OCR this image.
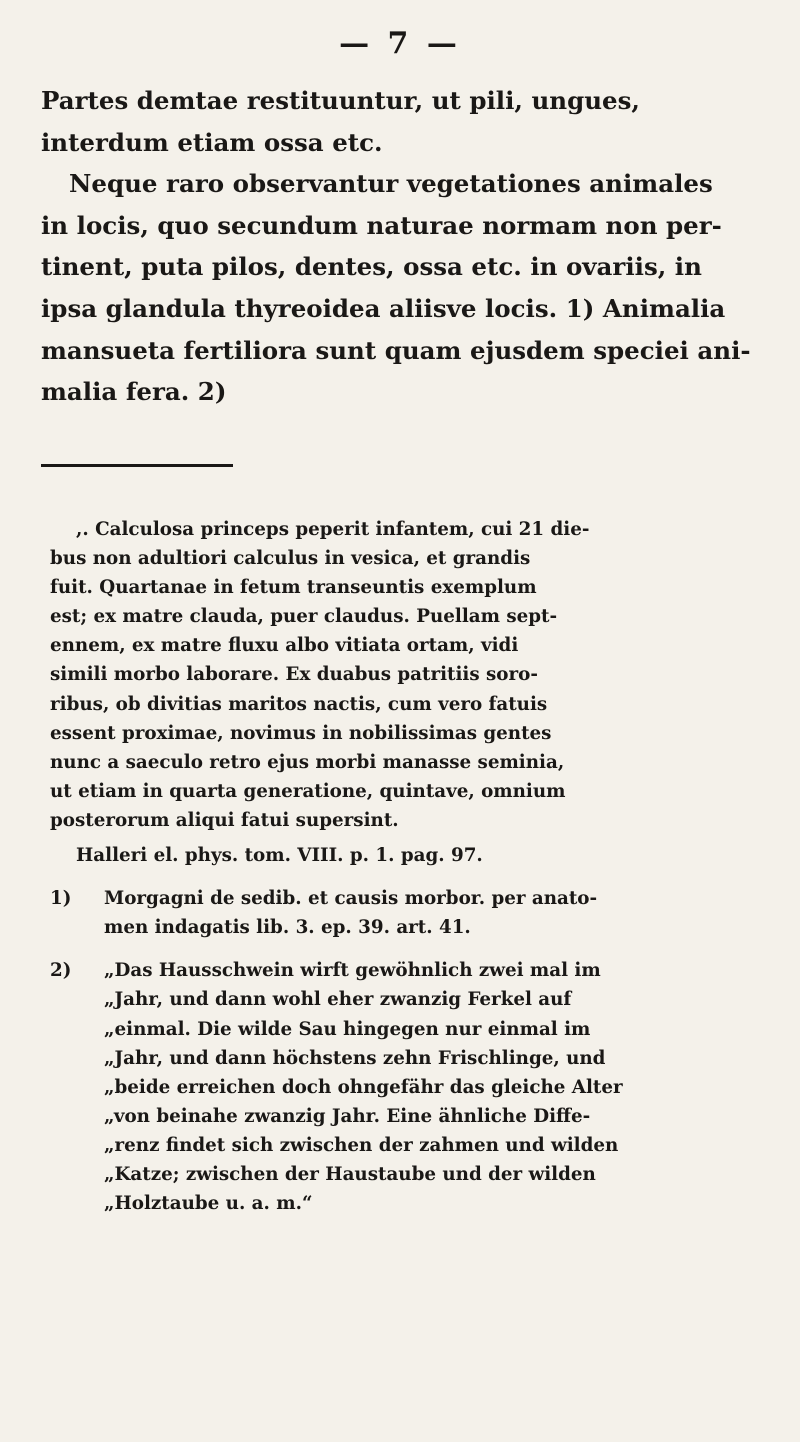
— 7 —
Partes demtae restituuntur, ut pili, ungues,
interdum etiam ossa etc.
Neque raro observantur vegetationes animales
in locis, quo secundum naturae normam non per-
tinent, puta pilos, dentes, ossa etc. in ovariis, in
ipsa glandula thyreoidea aliisve locis. 1) Animalia
mansueta fertiliora sunt quam ejusdem speciei ani-
malia fera. 2)
,. Calculosa princeps peperit infantem, cui 21 die-
bus non adultiori calculus in vesica, et grandis
fuit. Quartanae in fetum transeuntis exemplum
est; ex matre clauda, puer claudus. Puellam sept-
ennem, ex matre fluxu albo vitiata ortam, vidi
simili morbo laborare. Ex duabus patritiis soro-
ribus, ob divitias maritos nactis, cum vero fatuis
essent proximae, novimus in nobilissimas gentes
nunc a saeculo retro ejus morbi manasse seminia,
ut etiam in quarta generatione, quintave, omnium
posterorum aliqui fatui supersint.
Halleri el. phys. tom. VIII. p. 1. pag. 97.
1) Morgagni de sedib. et causis morbor. per anato-
men indagatis lib. 3. ep. 39. art. 41.
2) „Das Hausschwein wirft gewöhnlich zwei mal im
„Jahr, und dann wohl eher zwanzig Ferkel auf
„einmal. Die wilde Sau hingegen nur einmal im
„Jahr, und dann höchstens zehn Frischlinge, und
„beide erreichen doch ohngefähr das gleiche Alter
„von beinahe zwanzig Jahr. Eine ähnliche Diffe-
„renz findet sich zwischen der zahmen und wilden
„Katze; zwischen der Haustaube und der wilden
„Holztaube u. a. m.“
